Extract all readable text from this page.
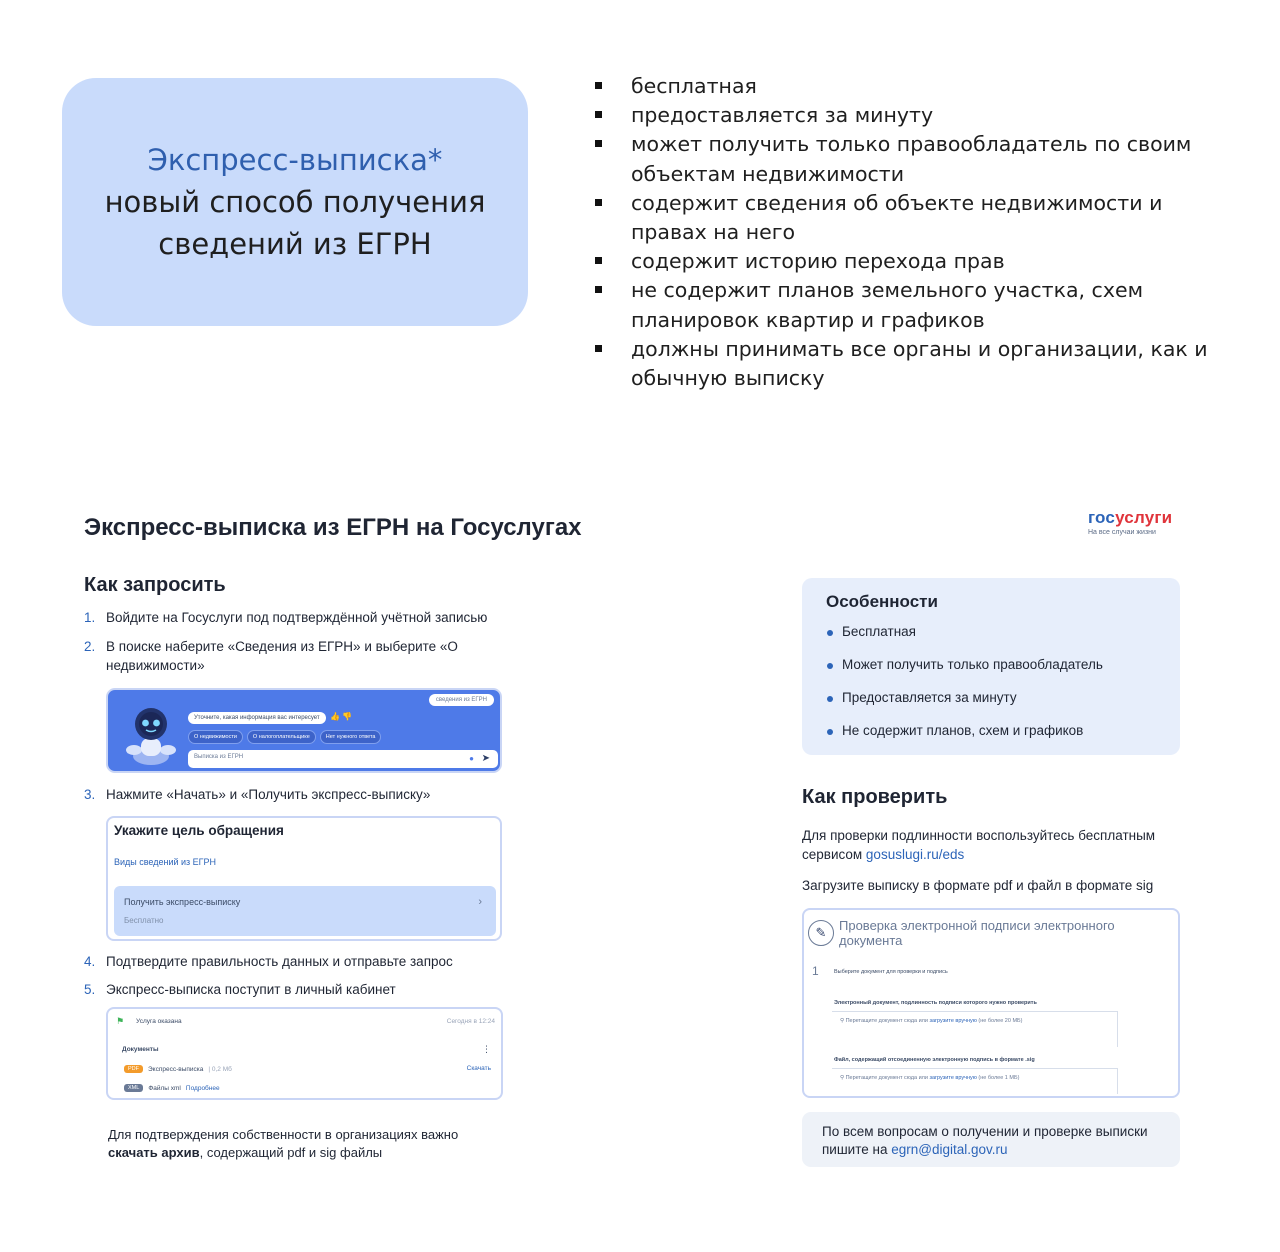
Экспресс-выписка*
новый способ получения
сведений из ЕГРН
бесплатная
предоставляется за минуту
может получить только правообладатель по своим объектам недвижимости
содержит сведения об объекте недвижимости и правах на него
содержит историю перехода прав
не содержит планов земельного участка, схем планировок квартир и графиков
должны принимать все органы и организации, как и обычную выписку
Экспресс-выписка из ЕГРН на Госуслугах	госуслуги
На все случаи жизни
Как запросить
1. Войдите на Госуслуги под подтверждённой учётной записью
2. В поиске наберите «Сведения из ЕГРН» и выберите «О недвижимости»
сведения из ЕГРН
Уточните, какая информация вас интересует	👍 👎
О недвижимости	О налогоплательщике	Нет нужного ответа
Выписка из ЕГРН	● ➤
3. Нажмите «Начать» и «Получить экспресс-выписку»
Укажите цель обращения
Виды сведений из ЕГРН
Получить экспресс-выписку
Бесплатно
›
4. Подтвердите правильность данных и отправьте запрос
5. Экспресс-выписка поступит в личный кабинет
⚑ Услуга оказана	Сегодня в 12:24
Документы	⋮
PDF	Экспресс-выписка | 0,2 Мб	Скачать
XML	Файлы xml Подробнее
Для подтверждения собственности в организациях важно скачать архив, содержащий pdf и sig файлы
Особенности
Бесплатная
Может получить только правообладатель
Предоставляется за минуту
Не содержит планов, схем и графиков
Как проверить
Для проверки подлинности воспользуйтесь бесплатным сервисом gosuslugi.ru/eds
Загрузите выписку в формате pdf и файл в формате sig
✎ Проверка электронной подписи электронного документа
1	Выберите документ для проверки и подпись
Электронный документ, подлинность подписи которого нужно проверить
⚲ Перетащите документ сюда или загрузите вручную (не более 20 МБ)
Файл, содержащий отсоединенную электронную подпись в формате .sig
⚲ Перетащите документ сюда или загрузите вручную (не более 1 МБ)
По всем вопросам о получении и проверке выписки пишите на egrn@digital.gov.ru
